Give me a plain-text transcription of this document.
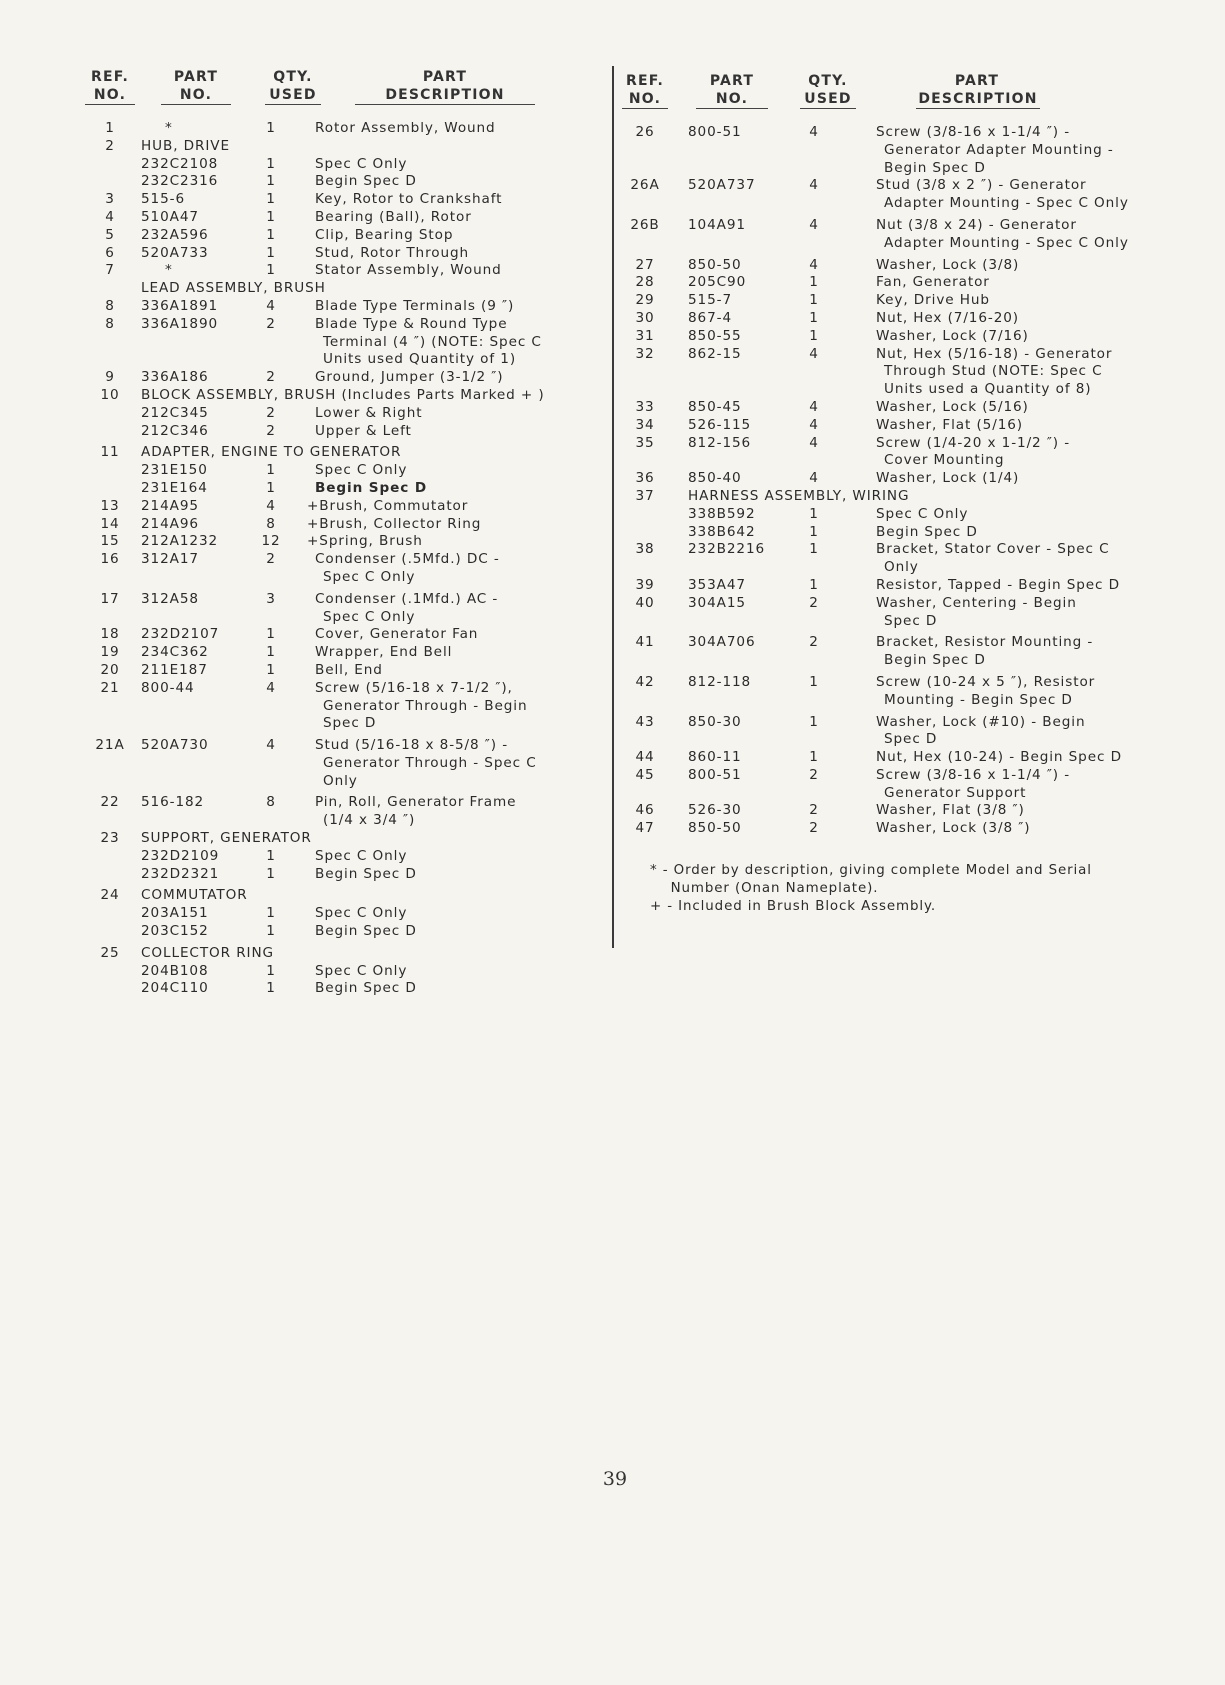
REF.
NO.
PART
NO.
QTY.
USED
PART
DESCRIPTION
1	*	1	Rotor Assembly, Wound
2	HUB, DRIVE
232C2108	1	Spec C Only
232C2316	1	Begin Spec D
3	515-6	1	Key, Rotor to Crankshaft
4	510A47	1	Bearing (Ball), Rotor
5	232A596	1	Clip, Bearing Stop
6	520A733	1	Stud, Rotor Through
7	*	1	Stator Assembly, Wound
LEAD ASSEMBLY, BRUSH
8	336A1891	4	Blade Type Terminals (9 ″)
8	336A1890	2	Blade Type & Round Type
Terminal (4 ″) (NOTE: Spec C
Units used Quantity of 1)
9	336A186	2	Ground, Jumper (3-1/2 ″)
10	BLOCK ASSEMBLY, BRUSH (Includes Parts Marked + )
212C345	2	Lower & Right
212C346	2	Upper & Left
11	ADAPTER, ENGINE TO GENERATOR
231E150	1	Spec C Only
231E164	1	Begin Spec D
13	214A95	4	+Brush, Commutator
14	214A96	8	+Brush, Collector Ring
15	212A1232	12	+Spring, Brush
16	312A17	2	Condenser (.5Mfd.) DC -
Spec C Only
17	312A58	3	Condenser (.1Mfd.) AC -
Spec C Only
18	232D2107	1	Cover, Generator Fan
19	234C362	1	Wrapper, End Bell
20	211E187	1	Bell, End
21	800-44	4	Screw (5/16-18 x 7-1/2 ″),
Generator Through - Begin
Spec D
21A	520A730	4	Stud (5/16-18 x 8-5/8 ″) -
Generator Through - Spec C
Only
22	516-182	8	Pin, Roll, Generator Frame
(1/4 x 3/4 ″)
23	SUPPORT, GENERATOR
232D2109	1	Spec C Only
232D2321	1	Begin Spec D
24	COMMUTATOR
203A151	1	Spec C Only
203C152	1	Begin Spec D
25	COLLECTOR RING
204B108	1	Spec C Only
204C110	1	Begin Spec D
REF.
NO.
PART
NO.
QTY.
USED
PART
DESCRIPTION
26	800-51	4	Screw (3/8-16 x 1-1/4 ″) -
Generator Adapter Mounting -
Begin Spec D
26A	520A737	4	Stud (3/8 x 2 ″) - Generator
Adapter Mounting - Spec C Only
26B	104A91	4	Nut (3/8 x 24) - Generator
Adapter Mounting - Spec C Only
27	850-50	4	Washer, Lock (3/8)
28	205C90	1	Fan, Generator
29	515-7	1	Key, Drive Hub
30	867-4	1	Nut, Hex (7/16-20)
31	850-55	1	Washer, Lock (7/16)
32	862-15	4	Nut, Hex (5/16-18) - Generator
Through Stud (NOTE: Spec C
Units used a Quantity of 8)
33	850-45	4	Washer, Lock (5/16)
34	526-115	4	Washer, Flat (5/16)
35	812-156	4	Screw (1/4-20 x 1-1/2 ″) -
Cover Mounting
36	850-40	4	Washer, Lock (1/4)
37	HARNESS ASSEMBLY, WIRING
338B592	1	Spec C Only
338B642	1	Begin Spec D
38	232B2216	1	Bracket, Stator Cover - Spec C
Only
39	353A47	1	Resistor, Tapped - Begin Spec D
40	304A15	2	Washer, Centering - Begin
Spec D
41	304A706	2	Bracket, Resistor Mounting -
Begin Spec D
42	812-118	1	Screw (10-24 x 5 ″), Resistor
Mounting - Begin Spec D
43	850-30	1	Washer, Lock (#10) - Begin
Spec D
44	860-11	1	Nut, Hex (10-24) - Begin Spec D
45	800-51	2	Screw (3/8-16 x 1-1/4 ″) -
Generator Support
46	526-30	2	Washer, Flat (3/8 ″)
47	850-50	2	Washer, Lock (3/8 ″)
* - Order by description, giving complete Model and Serial
Number (Onan Nameplate).
+ - Included in Brush Block Assembly.
39
